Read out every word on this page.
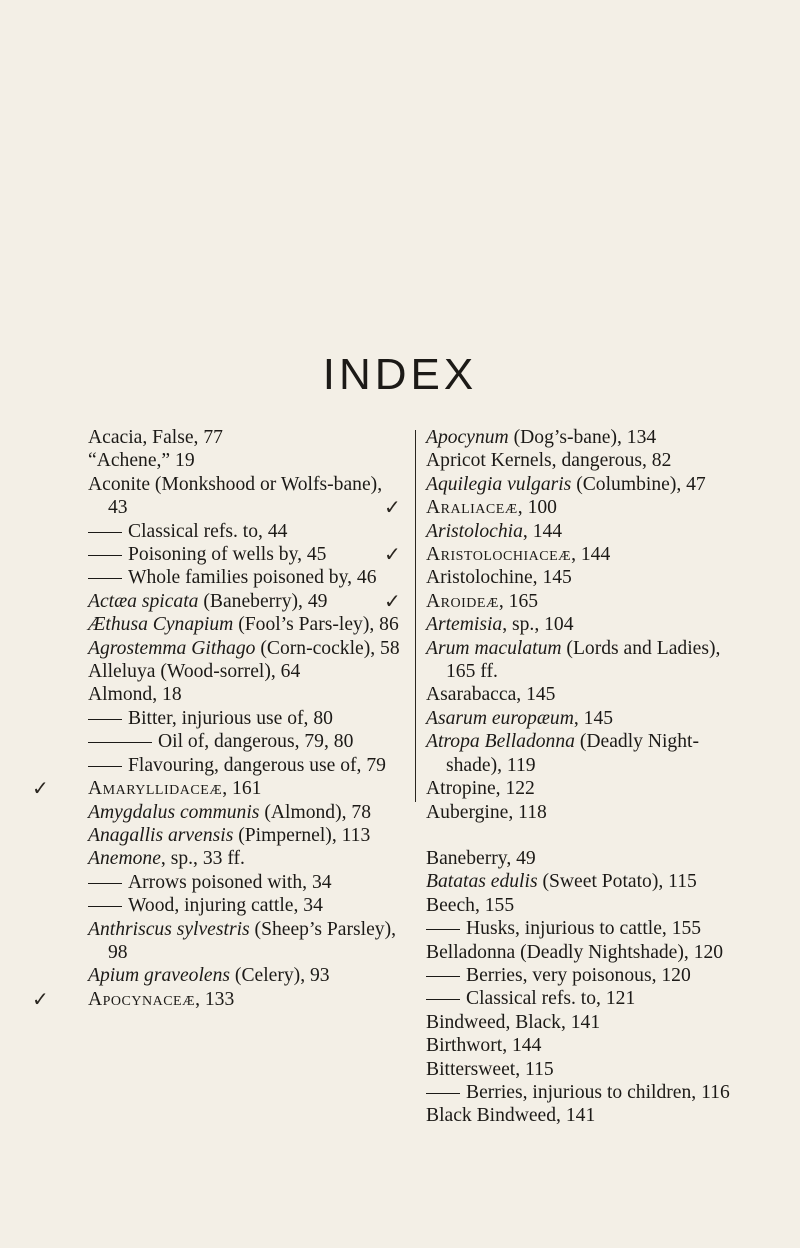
INDEX
Acacia, False, 77
“Achene,” 19
Aconite (Monkshood or Wolfs-bane), 43
Classical refs. to, 44
Poisoning of wells by, 45
Whole families poisoned by, 46
Actæa spicata (Baneberry), 49
Æthusa Cynapium (Fool’s Pars-ley), 86
Agrostemma Githago (Corn-cockle), 58
Alleluya (Wood-sorrel), 64
Almond, 18
Bitter, injurious use of, 80
Oil of, dangerous, 79, 80
Flavouring, dangerous use of, 79
Amaryllidaceæ, 161
✓
Amygdalus communis (Almond), 78
Anagallis arvensis (Pimpernel), 113
Anemone, sp., 33 ff.
Arrows poisoned with, 34
Wood, injuring cattle, 34
Anthriscus sylvestris (Sheep’s Parsley), 98
Apium graveolens (Celery), 93
Apocynaceæ, 133
✓
Apocynum (Dog’s-bane), 134
Apricot Kernels, dangerous, 82
Aquilegia vulgaris (Columbine), 47
Araliaceæ, 100
✓
Aristolochia, 144
Aristolochiaceæ, 144
✓
Aristolochine, 145
Aroideæ, 165
✓
Artemisia, sp., 104
Arum maculatum (Lords and Ladies), 165 ff.
Asarabacca, 145
Asarum europæum, 145
Atropa Belladonna (Deadly Night-shade), 119
Atropine, 122
Aubergine, 118
Baneberry, 49
Batatas edulis (Sweet Potato), 115
Beech, 155
Husks, injurious to cattle, 155
Belladonna (Deadly Nightshade), 120
Berries, very poisonous, 120
Classical refs. to, 121
Bindweed, Black, 141
Birthwort, 144
Bittersweet, 115
Berries, injurious to children, 116
Black Bindweed, 141
